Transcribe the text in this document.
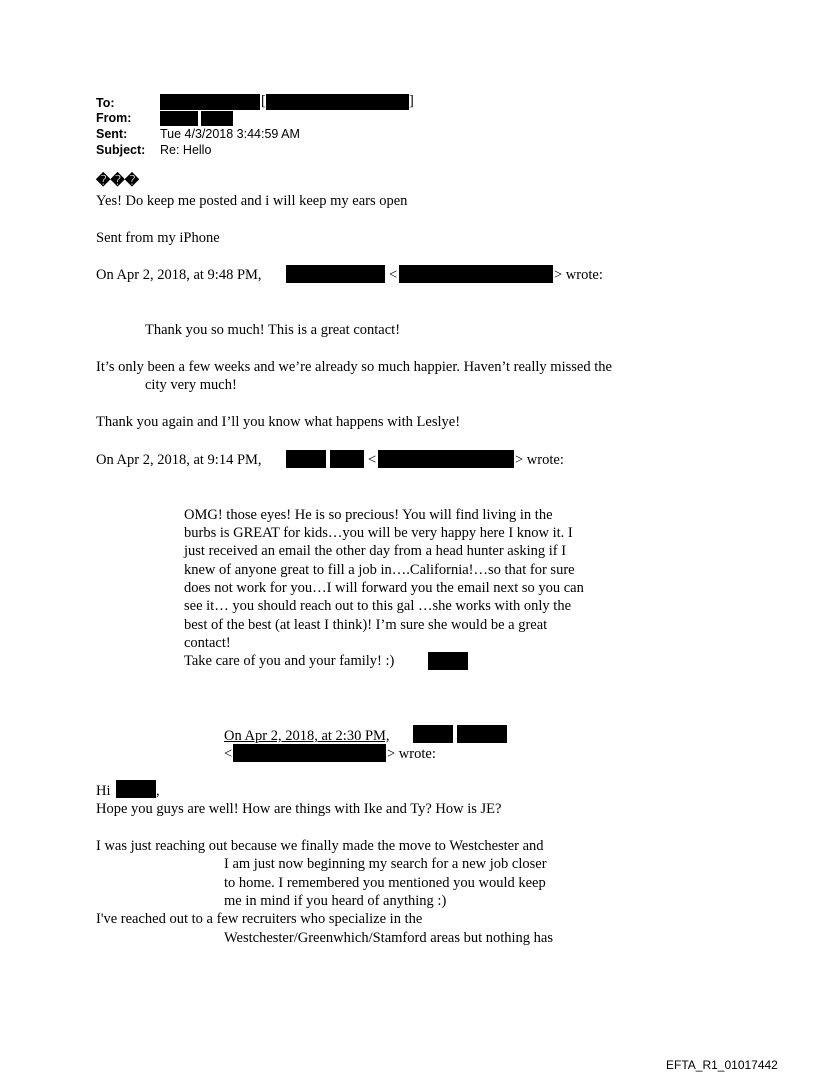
To:	[	]
From:
Sent:	Tue 4/3/2018 3:44:59 AM
Subject: Re: Hello
���
Yes! Do keep me posted and i will keep my ears open
Sent from my iPhone
On Apr 2, 2018, at 9:48 PM,	<	> wrote:
Thank you so much! This is a great contact!
It’s only been a few weeks and we’re already so much happier. Haven’t really missed the
city very much!
Thank you again and I’ll you know what happens with Leslye!
On Apr 2, 2018, at 9:14 PM,	<	> wrote:
OMG! those eyes! He is so precious! You will find living in the
burbs is GREAT for kids…you will be very happy here I know it. I
just received an email the other day from a head hunter asking if I
knew of anyone great to fill a job in….California!…so that for sure
does not work for you…I will forward you the email next so you can
see it… you should reach out to this gal …she works with only the
best of the best (at least I think)! I’m sure she would be a great
contact!
Take care of you and your family! :)
On Apr 2, 2018, at 2:30 PM,
<	> wrote:
Hi	,
Hope you guys are well! How are things with Ike and Ty? How is JE?
I was just reaching out because we finally made the move to Westchester and
I am just now beginning my search for a new job closer
to home. I remembered you mentioned you would keep
me in mind if you heard of anything :)
I've reached out to a few recruiters who specialize in the
Westchester/Greenwhich/Stamford areas but nothing has
EFTA_R1_01017442
